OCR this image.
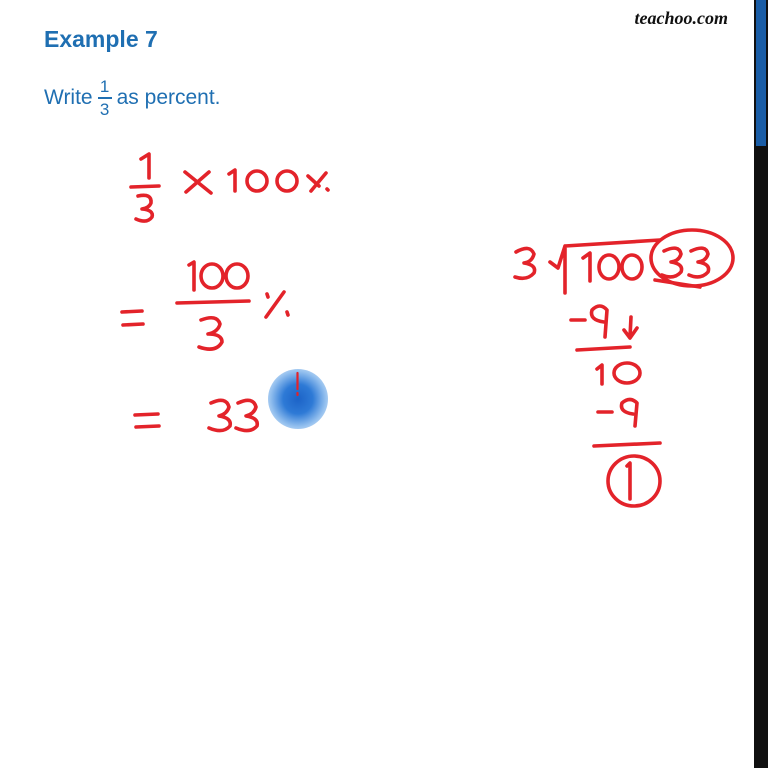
teachoo.com
Example 7
Write $\frac{1}{3}$ as percent.
